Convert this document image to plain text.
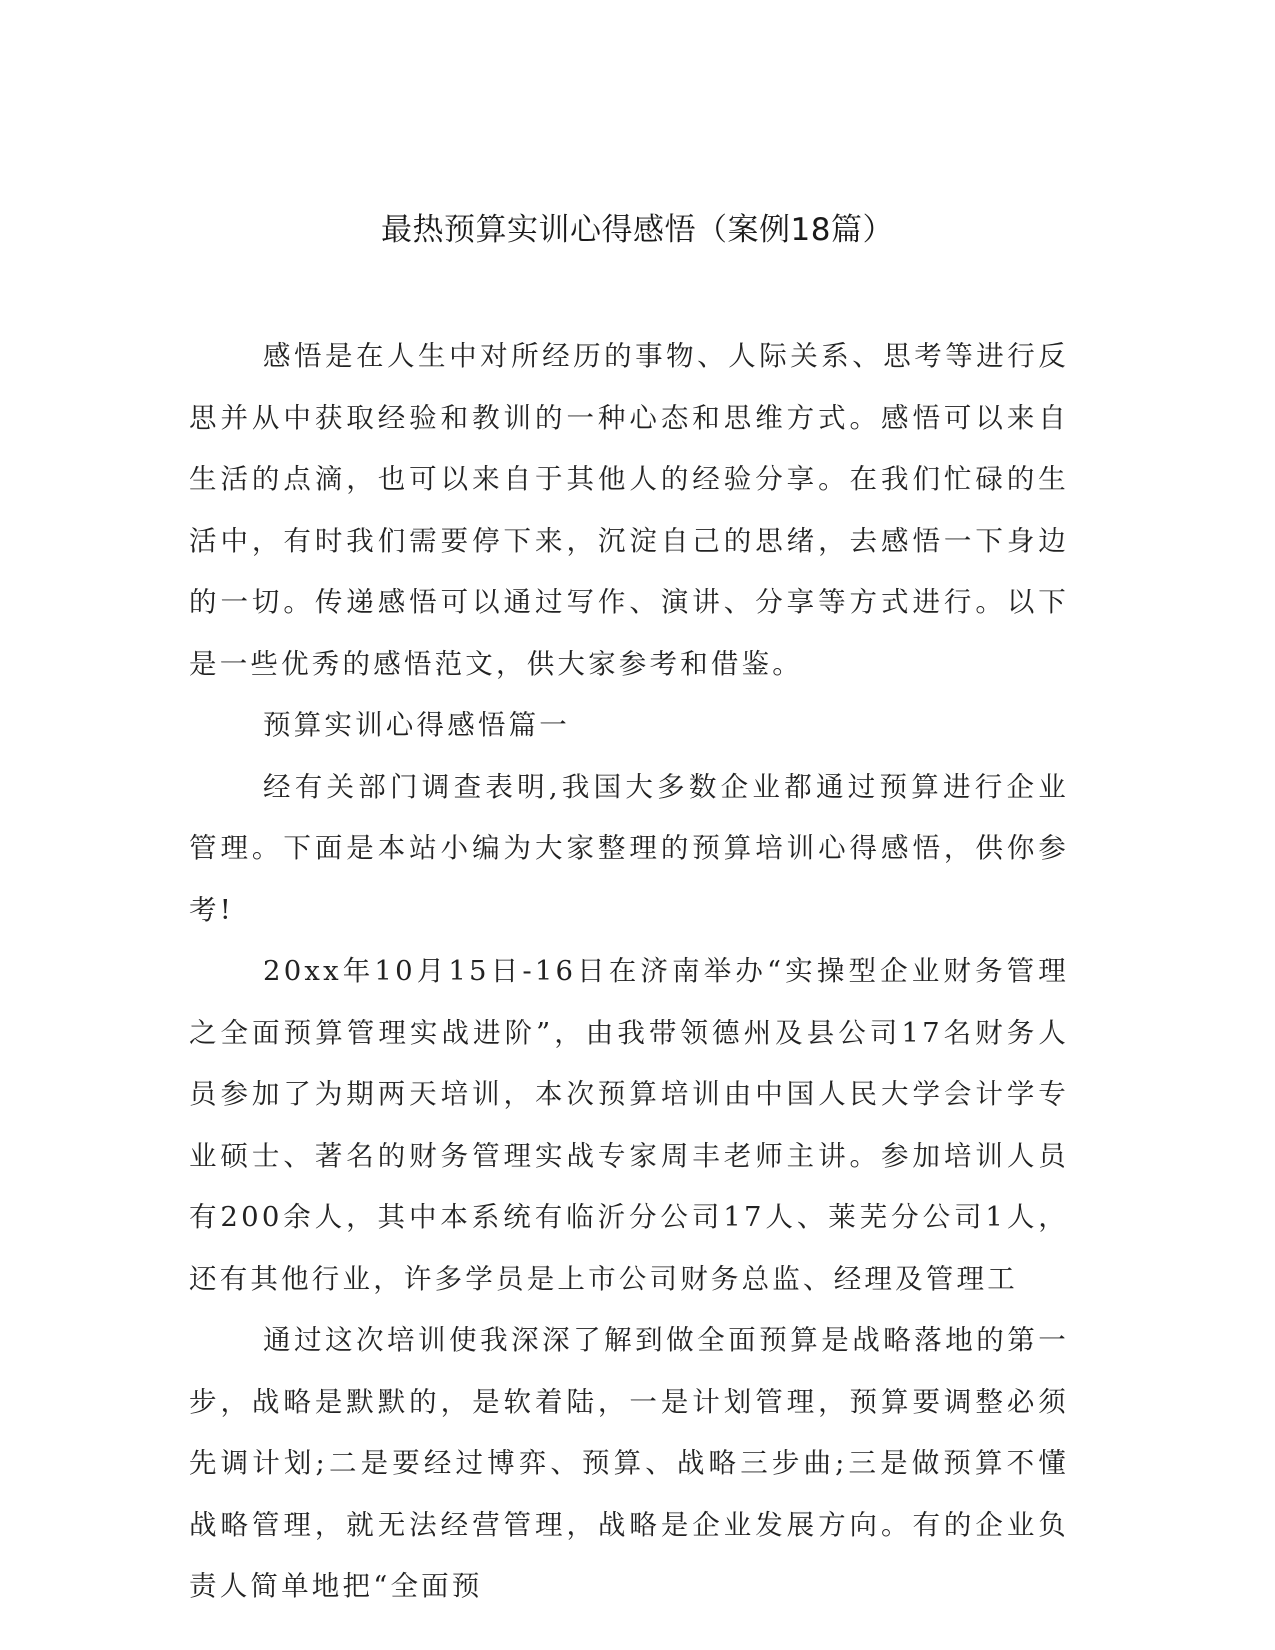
最热预算实训心得感悟（案例18篇）

感悟是在人生中对所经历的事物、人际关系、思考等进行反思并从中获取经验和教训的一种心态和思维方式。感悟可以来自生活的点滴，也可以来自于其他人的经验分享。在我们忙碌的生活中，有时我们需要停下来，沉淀自己的思绪，去感悟一下身边的一切。传递感悟可以通过写作、演讲、分享等方式进行。以下是一些优秀的感悟范文，供大家参考和借鉴。

预算实训心得感悟篇一

经有关部门调查表明,我国大多数企业都通过预算进行企业管理。下面是本站小编为大家整理的预算培训心得感悟，供你参考!

20xx年10月15日-16日在济南举办“实操型企业财务管理之全面预算管理实战进阶”，由我带领德州及县公司17名财务人员参加了为期两天培训，本次预算培训由中国人民大学会计学专业硕士、著名的财务管理实战专家周丰老师主讲。参加培训人员有200余人，其中本系统有临沂分公司17人、莱芜分公司1人，还有其他行业，许多学员是上市公司财务总监、经理及管理工

通过这次培训使我深深了解到做全面预算是战略落地的第一步，战略是默默的，是软着陆，一是计划管理，预算要调整必须先调计划;二是要经过博弈、预算、战略三步曲;三是做预算不懂战略管理，就无法经营管理，战略是企业发展方向。有的企业负责人简单地把“全面预
